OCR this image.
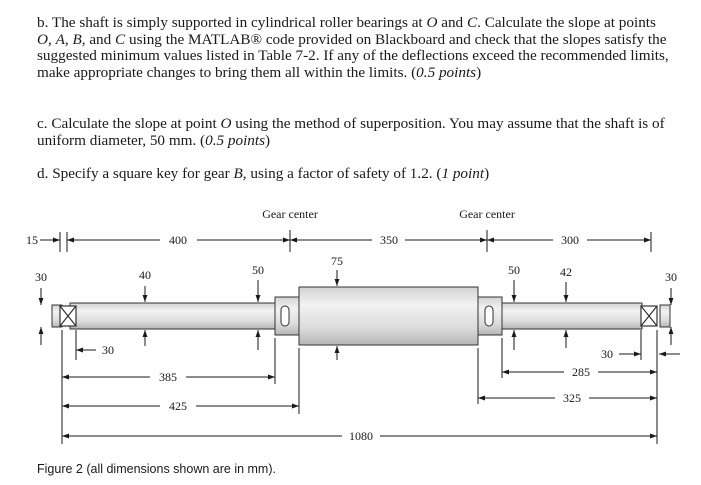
b. The shaft is simply supported in cylindrical roller bearings at O and C. Calculate the slope at points O, A, B, and C using the MATLAB® code provided on Blackboard and check that the slopes satisfy the suggested minimum values listed in Table 7-2. If any of the deflections exceed the recommended limits, make appropriate changes to bring them all within the limits. (0.5 points)

c. Calculate the slope at point O using the method of superposition. You may assume that the shaft is of uniform diameter, 50 mm. (0.5 points)

d. Specify a square key for gear B, using a factor of safety of 1.2. (1 point)

Gear center	Gear center
15	400	350	300
30	40	50
75
50	42	30
30	30
385
425
285
325
1080
Figure 2 (all dimensions shown are in mm).
